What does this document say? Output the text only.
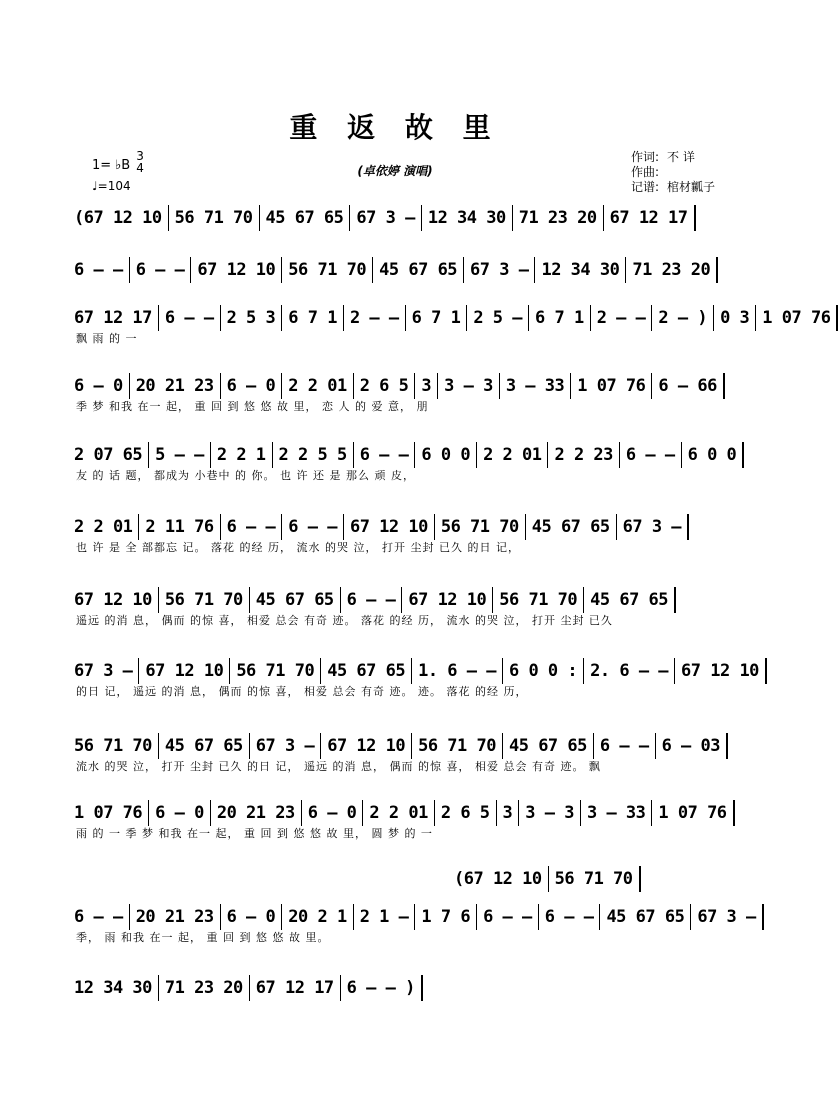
重 返 故 里
1= ♭B
3
4
♩=104
(卓依婷 演唱)
作词: 不 详
作曲:
记谱: 棺材瓤子
(67 12 10 56 71 70 45 67 65 67 3 – 12 34 30 71 23 20 67 12 17
6 – – 6 – – 67 12 10 56 71 70 45 67 65 67 3 – 12 34 30 71 23 20
67 12 17 6 – – 2 5 3 6 7 1 2 – – 6 7 1 2 5 – 6 7 1 2 – – 2 – ) 0 3 1 07 76
飘 雨 的 一
6 – 0 20 21 23 6 – 0 2 2 01 2 6 5 3 3 – 3 3 – 33 1 07 76 6 – 66
季 梦 和我 在一 起， 重 回 到 悠 悠 故 里， 恋 人 的 爱 意， 朋
2 07 65 5 – – 2 2 1 2 2 5 5 6 – – 6 0 0 2 2 01 2 2 23 6 – – 6 0 0
友 的 话 题， 都成为 小巷中 的 你。 也 许 还 是 那么 顽 皮，
2 2 01 2 11 76 6 – – 6 – – 67 12 10 56 71 70 45 67 65 67 3 –
也 许 是 全 部都忘 记。 落花 的经 历， 流水 的哭 泣， 打开 尘封 已久 的日 记，
67 12 10 56 71 70 45 67 65 6 – – 67 12 10 56 71 70 45 67 65
遥远 的消 息， 偶而 的惊 喜， 相爱 总会 有奇 迹。 落花 的经 历， 流水 的哭 泣， 打开 尘封 已久
67 3 – 67 12 10 56 71 70 45 67 65 1. 6 – – 6 0 0 : 2. 6 – – 67 12 10
的日 记， 遥远 的消 息， 偶而 的惊 喜， 相爱 总会 有奇 迹。 迹。 落花 的经 历，
56 71 70 45 67 65 67 3 – 67 12 10 56 71 70 45 67 65 6 – – 6 – 03
流水 的哭 泣， 打开 尘封 已久 的日 记， 遥远 的消 息， 偶而 的惊 喜， 相爱 总会 有奇 迹。 飘
1 07 76 6 – 0 20 21 23 6 – 0 2 2 01 2 6 5 3 3 – 3 3 – 33 1 07 76
雨 的 一 季 梦 和我 在一 起， 重 回 到 悠 悠 故 里， 圆 梦 的 一
(67 12 10 56 71 70
6 – – 20 21 23 6 – 0 20 2 1 2 1 – 1 7 6 6 – – 6 – – 45 67 65 67 3 –
季， 雨 和我 在一 起， 重 回 到 悠 悠 故 里。
12 34 30 71 23 20 67 12 17 6 – – )
